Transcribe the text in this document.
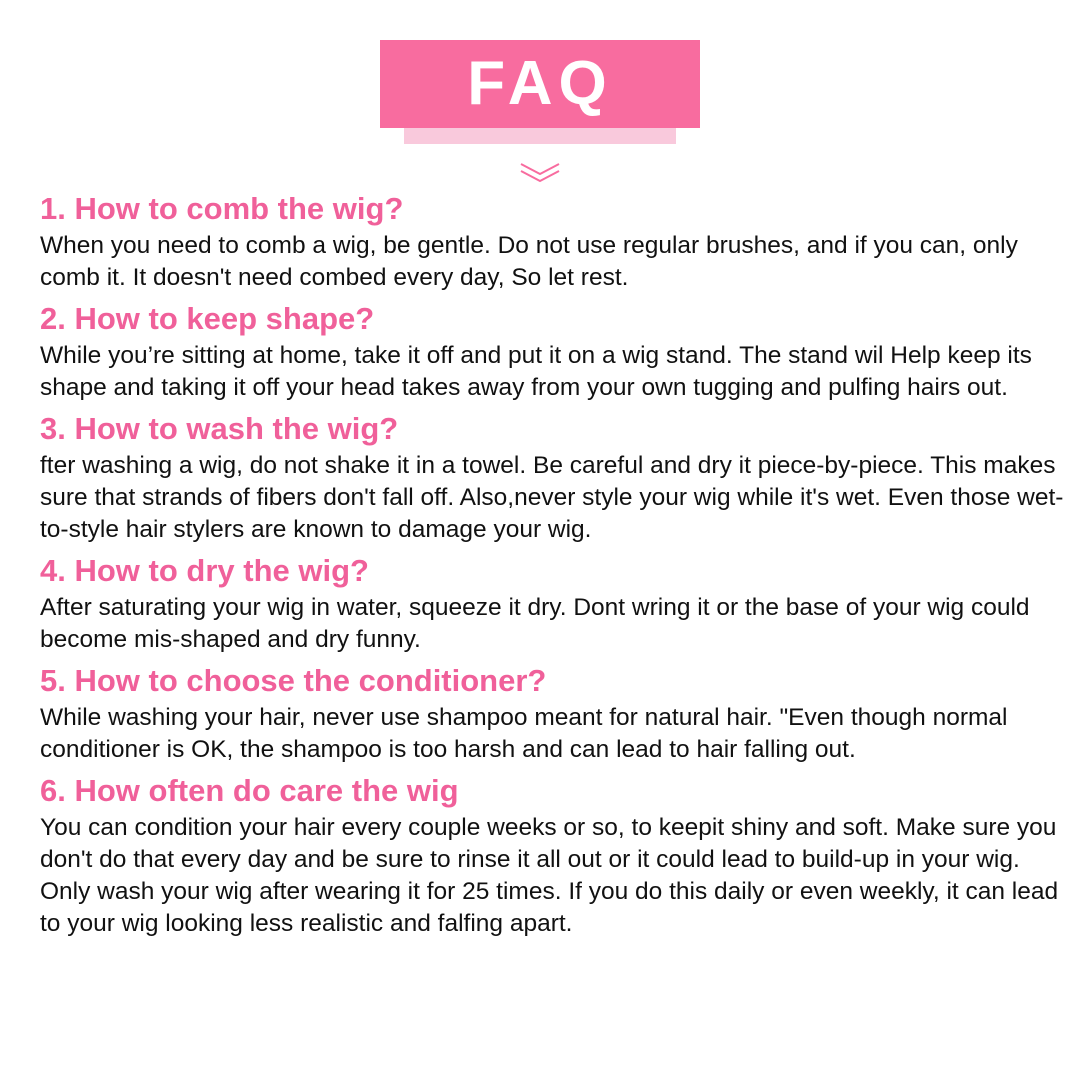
FAQ
1. How to comb the wig?

When you need to comb a wig, be gentle. Do not use regular brushes, and if you can, only comb it. It doesn't need combed every day, So let rest.

2. How to keep shape?

While you’re sitting at home, take it off and put it on a wig stand. The stand wil Help keep its shape and taking it off your head takes away from your own tugging and pulfing hairs out.

3. How to wash the wig?

fter washing a wig, do not shake it in a towel. Be careful and dry it piece-by-piece. This makes sure that strands of fibers don't fall off. Also,never style your wig while it's wet. Even those wet-to-style hair stylers are known to damage your wig.

4. How to dry the wig?

After saturating your wig in water, squeeze it dry. Dont wring it or the base of your wig could become mis-shaped and dry funny.

5. How to choose the conditioner?

While washing your hair, never use shampoo meant for natural hair. "Even though normal conditioner is OK, the shampoo is too harsh and can lead to hair falling out.

6. How often do care the wig

You can condition your hair every couple weeks or so, to keepit shiny and soft. Make sure you don't do that every day and be sure to rinse it all out or it could lead to build-up in your wig. Only wash your wig after wearing it for 25 times. If you do this daily or even weekly, it can lead to your wig looking less realistic and falfing apart.
